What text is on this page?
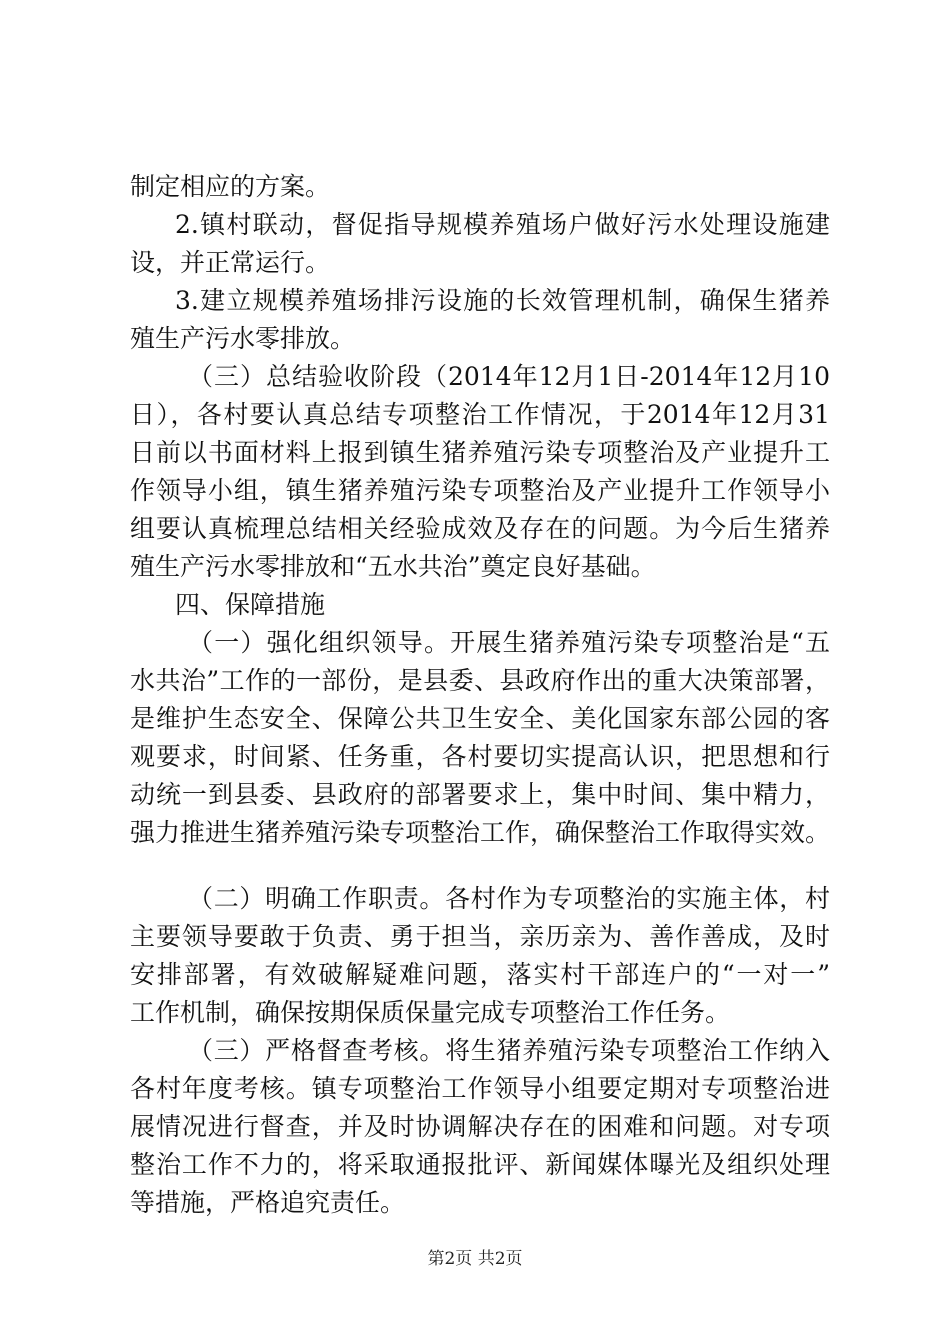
制定相应的方案。
2.镇村联动，督促指导规模养殖场户做好污水处理设施建
设，并正常运行。
3.建立规模养殖场排污设施的长效管理机制，确保生猪养
殖生产污水零排放。
（三）总结验收阶段（2014年12月1日-2014年12月10
日），各村要认真总结专项整治工作情况，于2014年12月31
日前以书面材料上报到镇生猪养殖污染专项整治及产业提升工
作领导小组，镇生猪养殖污染专项整治及产业提升工作领导小
组要认真梳理总结相关经验成效及存在的问题。为今后生猪养
殖生产污水零排放和“五水共治”奠定良好基础。
四、保障措施
（一）强化组织领导。开展生猪养殖污染专项整治是“五
水共治”工作的一部份，是县委、县政府作出的重大决策部署，
是维护生态安全、保障公共卫生安全、美化国家东部公园的客
观要求，时间紧、任务重，各村要切实提高认识，把思想和行
动统一到县委、县政府的部署要求上，集中时间、集中精力，
强力推进生猪养殖污染专项整治工作，确保整治工作取得实效。
（二）明确工作职责。各村作为专项整治的实施主体，村
主要领导要敢于负责、勇于担当，亲历亲为、善作善成，及时
安排部署，有效破解疑难问题，落实村干部连户的“一对一”
工作机制，确保按期保质保量完成专项整治工作任务。
（三）严格督查考核。将生猪养殖污染专项整治工作纳入
各村年度考核。镇专项整治工作领导小组要定期对专项整治进
展情况进行督查，并及时协调解决存在的困难和问题。对专项
整治工作不力的，将采取通报批评、新闻媒体曝光及组织处理
等措施，严格追究责任。
第2页 共2页
